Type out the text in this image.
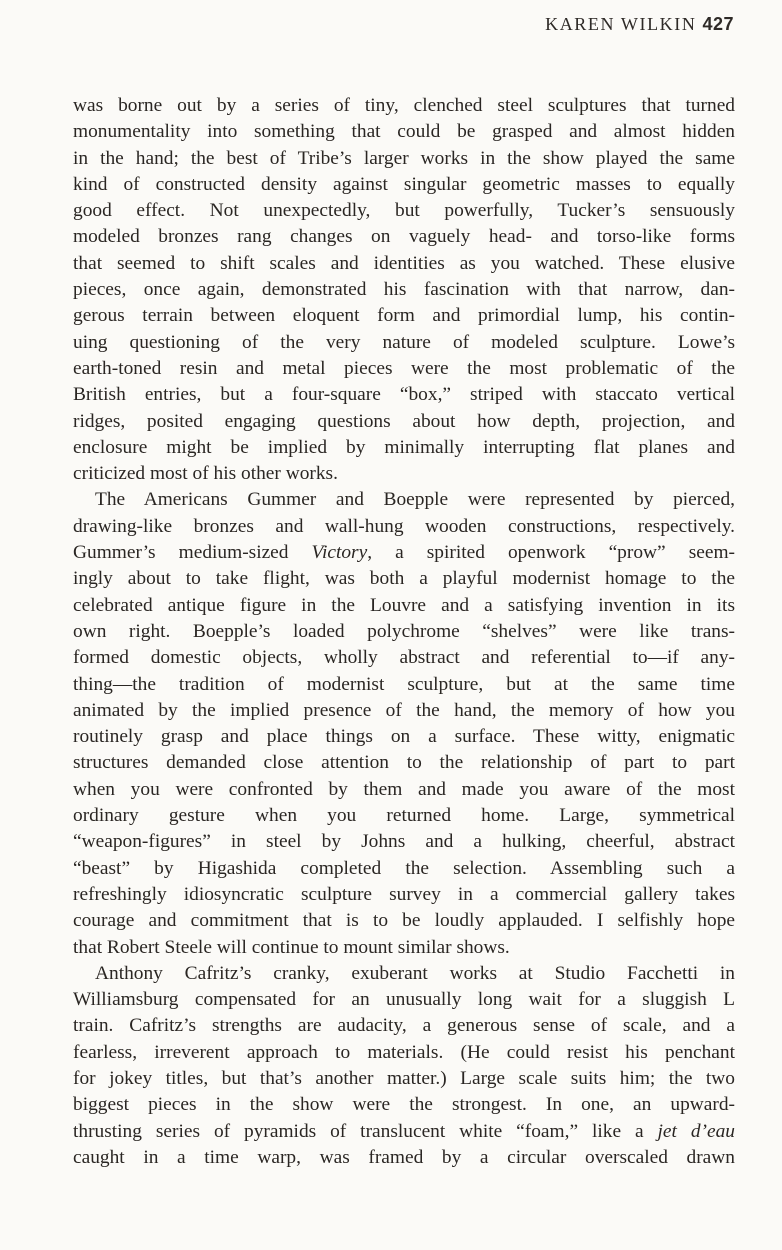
KAREN WILKIN 427
was borne out by a series of tiny, clenched steel sculptures that turned
monumentality into something that could be grasped and almost hidden
in the hand; the best of Tribe’s larger works in the show played the same
kind of constructed density against singular geometric masses to equally
good effect. Not unexpectedly, but powerfully, Tucker’s sensuously
modeled bronzes rang changes on vaguely head- and torso-like forms
that seemed to shift scales and identities as you watched. These elusive
pieces, once again, demonstrated his fascination with that narrow, dan-
gerous terrain between eloquent form and primordial lump, his contin-
uing questioning of the very nature of modeled sculpture. Lowe’s
earth-toned resin and metal pieces were the most problematic of the
British entries, but a four-square “box,” striped with staccato vertical
ridges, posited engaging questions about how depth, projection, and
enclosure might be implied by minimally interrupting flat planes and
criticized most of his other works.
The Americans Gummer and Boepple were represented by pierced,
drawing-like bronzes and wall-hung wooden constructions, respectively.
Gummer’s medium-sized Victory, a spirited openwork “prow” seem-
ingly about to take flight, was both a playful modernist homage to the
celebrated antique figure in the Louvre and a satisfying invention in its
own right. Boepple’s loaded polychrome “shelves” were like trans-
formed domestic objects, wholly abstract and referential to—if any-
thing—the tradition of modernist sculpture, but at the same time
animated by the implied presence of the hand, the memory of how you
routinely grasp and place things on a surface. These witty, enigmatic
structures demanded close attention to the relationship of part to part
when you were confronted by them and made you aware of the most
ordinary gesture when you returned home. Large, symmetrical
“weapon-figures” in steel by Johns and a hulking, cheerful, abstract
“beast” by Higashida completed the selection. Assembling such a
refreshingly idiosyncratic sculpture survey in a commercial gallery takes
courage and commitment that is to be loudly applauded. I selfishly hope
that Robert Steele will continue to mount similar shows.
Anthony Cafritz’s cranky, exuberant works at Studio Facchetti in
Williamsburg compensated for an unusually long wait for a sluggish L
train. Cafritz’s strengths are audacity, a generous sense of scale, and a
fearless, irreverent approach to materials. (He could resist his penchant
for jokey titles, but that’s another matter.) Large scale suits him; the two
biggest pieces in the show were the strongest. In one, an upward-
thrusting series of pyramids of translucent white “foam,” like a jet d’eau
caught in a time warp, was framed by a circular overscaled drawn
